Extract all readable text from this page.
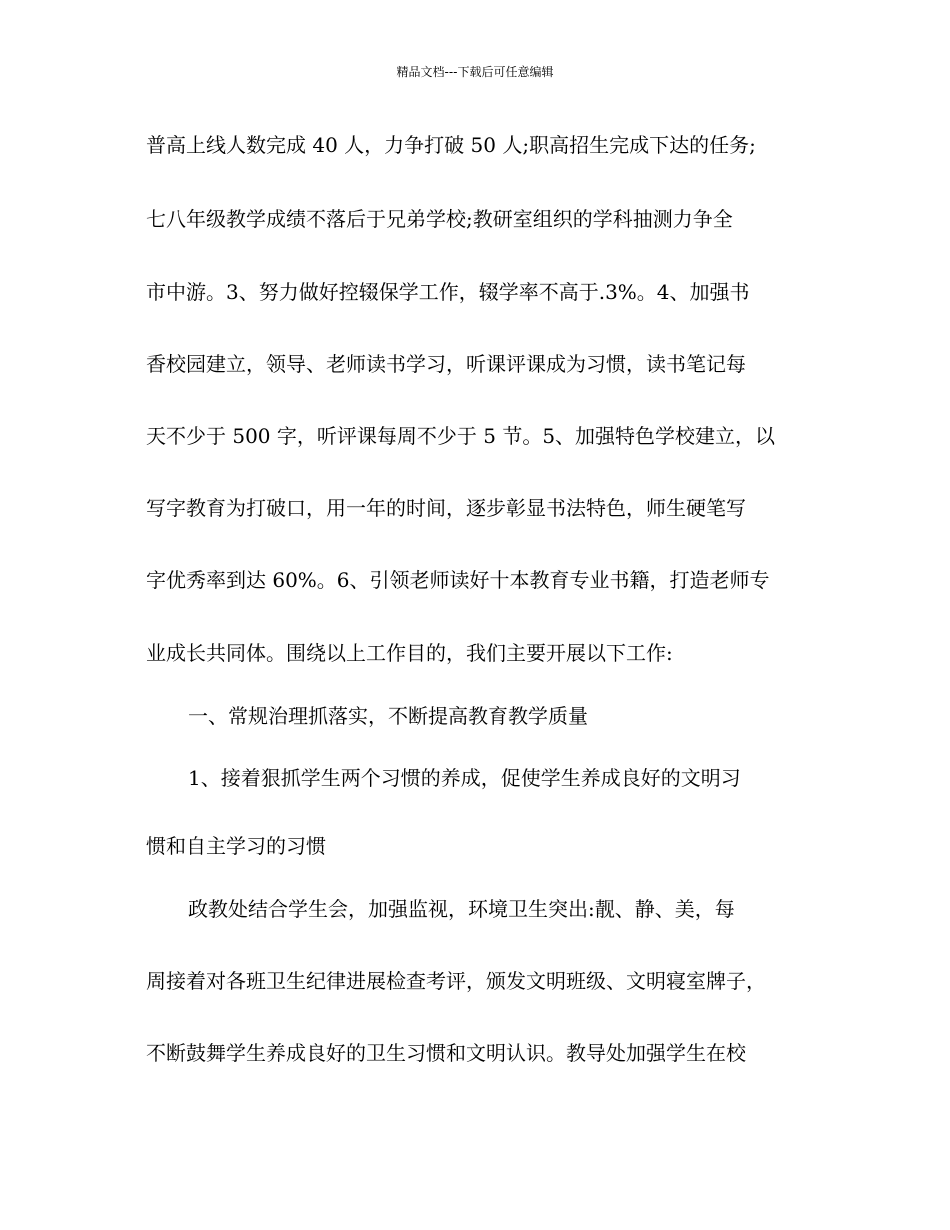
精品文档---下载后可任意编辑
普高上线人数完成 40 人，力争打破 50 人;职高招生完成下达的任务;
七八年级教学成绩不落后于兄弟学校;教研室组织的学科抽测力争全
市中游。3、努力做好控辍保学工作，辍学率不高于.3%。4、加强书
香校园建立，领导、老师读书学习，听课评课成为习惯，读书笔记每
天不少于 500 字，听评课每周不少于 5 节。5、加强特色学校建立，以
写字教育为打破口，用一年的时间，逐步彰显书法特色，师生硬笔写
字优秀率到达 60%。6、引领老师读好十本教育专业书籍，打造老师专
业成长共同体。围绕以上工作目的，我们主要开展以下工作:
一、常规治理抓落实，不断提高教育教学质量
1、接着狠抓学生两个习惯的养成，促使学生养成良好的文明习
惯和自主学习的习惯
政教处结合学生会，加强监视，环境卫生突出:靓、静、美，每
周接着对各班卫生纪律进展检查考评，颁发文明班级、文明寝室牌子，
不断鼓舞学生养成良好的卫生习惯和文明认识。教导处加强学生在校
